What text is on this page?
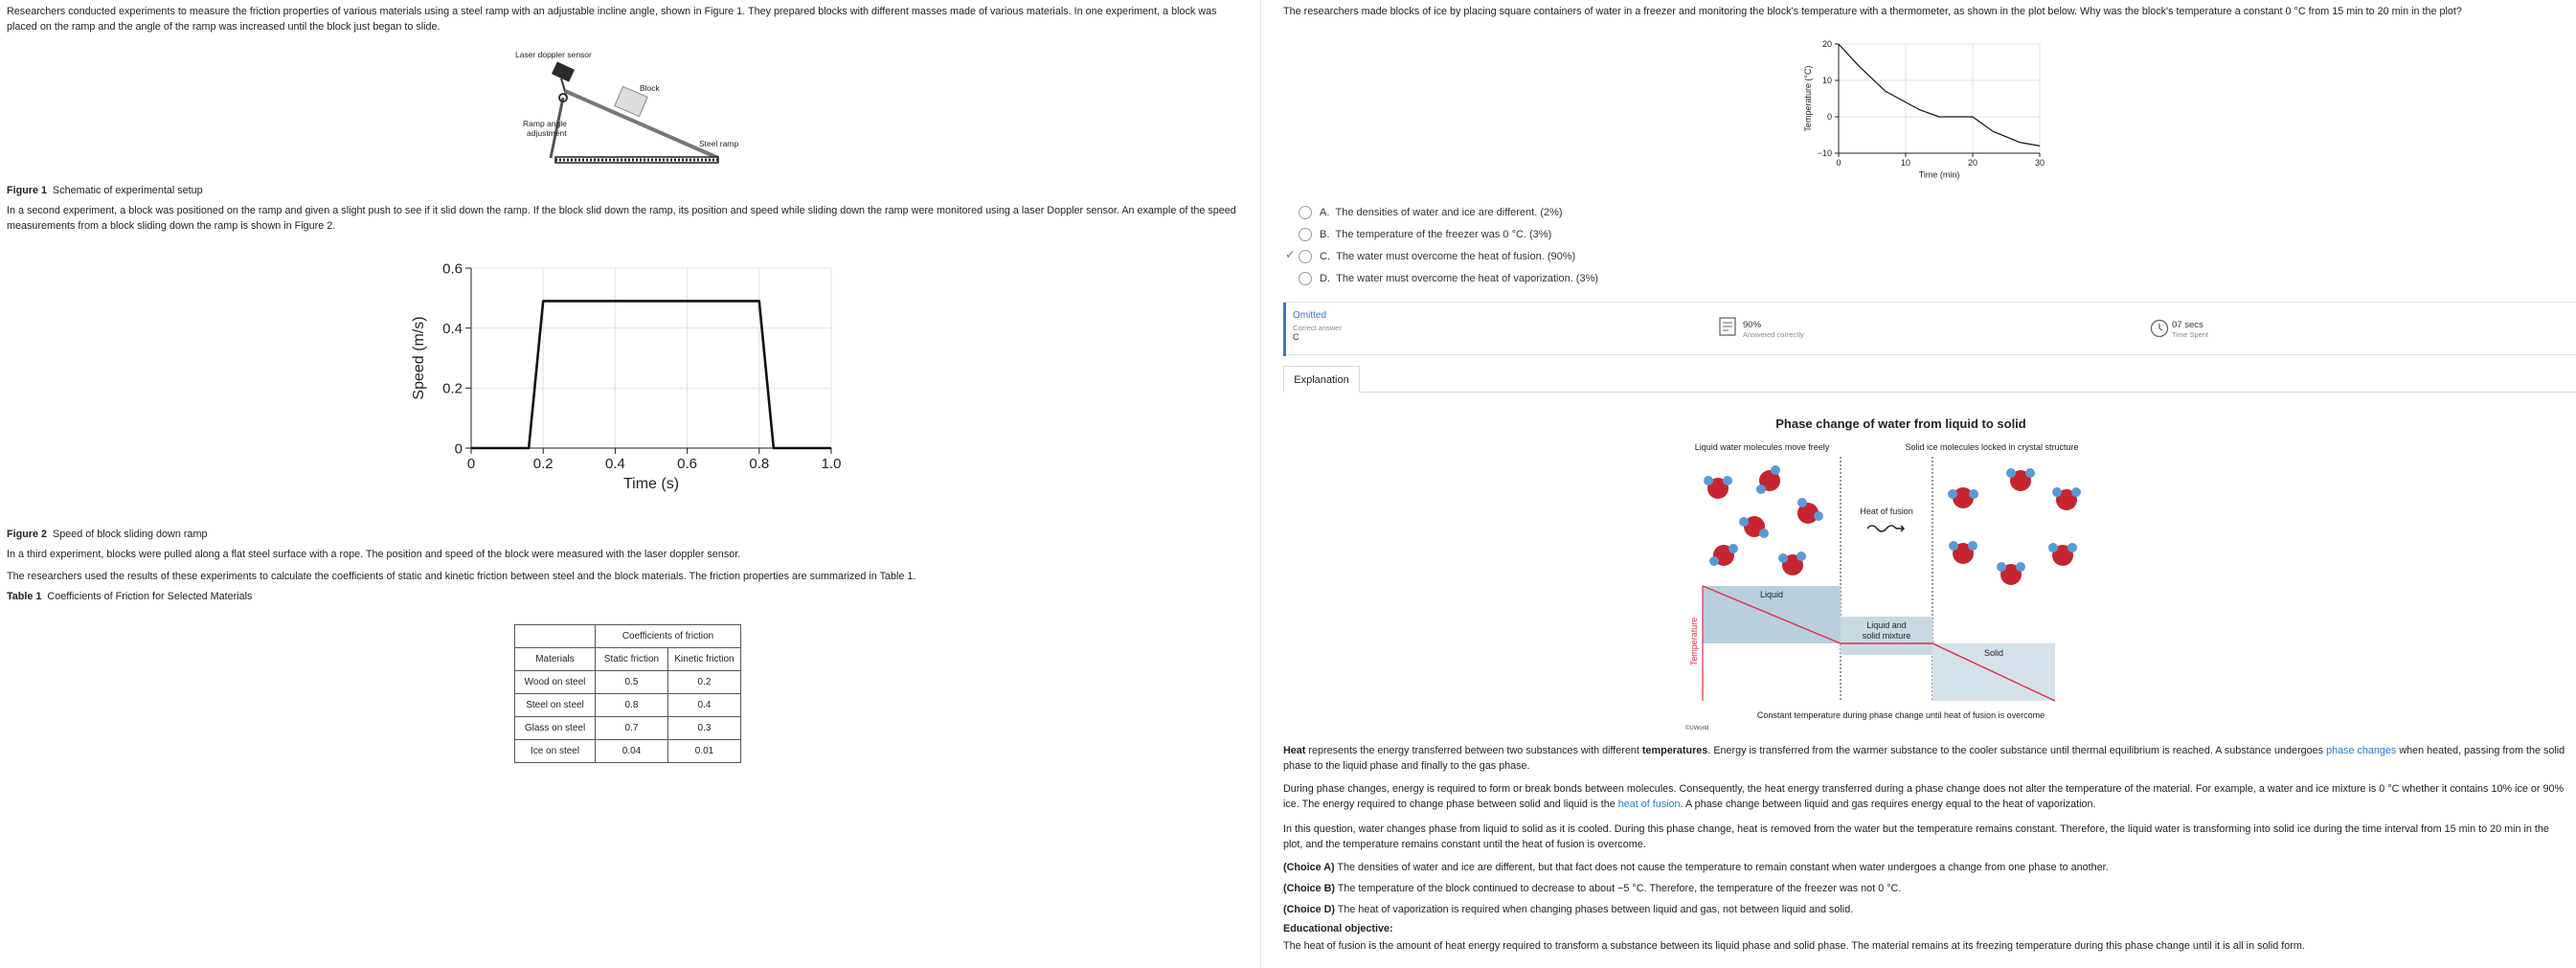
Researchers conducted experiments to measure the friction properties of various materials using a steel ramp with an adjustable incline angle, shown in Figure 1. They prepared blocks with different masses made of various materials. In one experiment, a block was placed on the ramp and the angle of the ramp was increased until the block just began to slide.
Laser doppler sensor
Block
Ramp angle
adjustment
Steel ramp
Figure 1 Schematic of experimental setup
In a second experiment, a block was positioned on the ramp and given a slight push to see if it slid down the ramp. If the block slid down the ramp, its position and speed while sliding down the ramp were monitored using a laser Doppler sensor. An example of the speed measurements from a block sliding down the ramp is shown in Figure 2.
0	0.2	0.4	0.6	0.8	1.0
0
0.2
0.4
0.6
Time (s)
Speed (m/s)
Figure 2 Speed of block sliding down ramp
In a third experiment, blocks were pulled along a flat steel surface with a rope. The position and speed of the block were measured with the laser doppler sensor.
The researchers used the results of these experiments to calculate the coefficients of static and kinetic friction between steel and the block materials. The friction properties are summarized in Table 1.
Table 1 Coefficients of Friction for Selected Materials
	Coefficients of friction	
Materials	Static friction	Kinetic friction
Wood on steel	0.5	0.2
Steel on steel	0.8	0.4
Glass on steel	0.7	0.3
Ice on steel	0.04	0.01
The researchers made blocks of ice by placing square containers of water in a freezer and monitoring the block's temperature with a thermometer, as shown in the plot below. Why was the block's temperature a constant 0 °C from 15 min to 20 min in the plot?
0	10	20	30
−10
0
10
20
Time (min)
Temperature (°C)
A.
The densities of water and ice are different. (2%)
B.
The temperature of the freezer was 0 °C. (3%)
✓ C.
The water must overcome the heat of fusion. (90%)
D.
The water must overcome the heat of vaporization. (3%)
Omitted
Correct answer
C
90%
Answered correctly
07 secs
Time Spent
Explanation
Phase change of water from liquid to solid
Liquid water molecules move freely	Solid ice molecules locked in crystal structure
Heat of fusion
Liquid
Liquid and
solid mixture
Solid
Temperature
Constant temperature during phase change until heat of fusion is overcome
©UWorld
Heat represents the energy transferred between two substances with different temperatures. Energy is transferred from the warmer substance to the cooler substance until thermal equilibrium is reached. A substance undergoes phase changes when heated, passing from the solid phase to the liquid phase and finally to the gas phase.
During phase changes, energy is required to form or break bonds between molecules. Consequently, the heat energy transferred during a phase change does not alter the temperature of the material. For example, a water and ice mixture is 0 °C whether it contains 10% ice or 90% ice. The energy required to change phase between solid and liquid is the heat of fusion. A phase change between liquid and gas requires energy equal to the heat of vaporization.
In this question, water changes phase from liquid to solid as it is cooled. During this phase change, heat is removed from the water but the temperature remains constant. Therefore, the liquid water is transforming into solid ice during the time interval from 15 min to 20 min in the plot, and the temperature remains constant until the heat of fusion is overcome.
(Choice A) The densities of water and ice are different, but that fact does not cause the temperature to remain constant when water undergoes a change from one phase to another.
(Choice B) The temperature of the block continued to decrease to about −5 °C. Therefore, the temperature of the freezer was not 0 °C.
(Choice D) The heat of vaporization is required when changing phases between liquid and gas, not between liquid and solid.
Educational objective:
The heat of fusion is the amount of heat energy required to transform a substance between its liquid phase and solid phase. The material remains at its freezing temperature during this phase change until it is all in solid form.
